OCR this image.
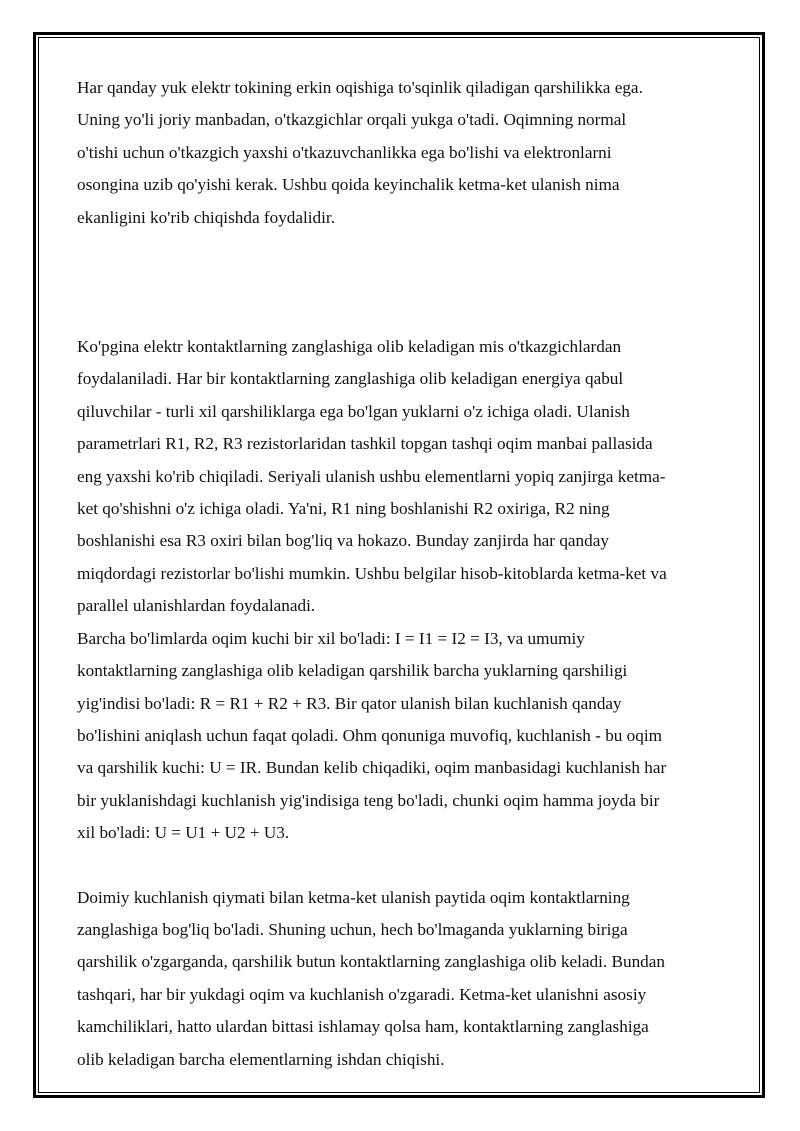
Har qanday yuk elektr tokining erkin oqishiga to'sqinlik qiladigan qarshilikka ega.
Uning yo'li joriy manbadan, o'tkazgichlar orqali yukga o'tadi. Oqimning normal
o'tishi uchun o'tkazgich yaxshi o'tkazuvchanlikka ega bo'lishi va elektronlarni
osongina uzib qo'yishi kerak. Ushbu qoida keyinchalik ketma-ket ulanish nima
ekanligini ko'rib chiqishda foydalidir.

Ko'pgina elektr kontaktlarning zanglashiga olib keladigan mis o'tkazgichlardan
foydalaniladi. Har bir kontaktlarning zanglashiga olib keladigan energiya qabul
qiluvchilar - turli xil qarshiliklarga ega bo'lgan yuklarni o'z ichiga oladi. Ulanish
parametrlari R1, R2, R3 rezistorlaridan tashkil topgan tashqi oqim manbai pallasida
eng yaxshi ko'rib chiqiladi. Seriyali ulanish ushbu elementlarni yopiq zanjirga ketma-
ket qo'shishni o'z ichiga oladi. Ya'ni, R1 ning boshlanishi R2 oxiriga, R2 ning
boshlanishi esa R3 oxiri bilan bog'liq va hokazo. Bunday zanjirda har qanday
miqdordagi rezistorlar bo'lishi mumkin. Ushbu belgilar hisob-kitoblarda ketma-ket va
parallel ulanishlardan foydalanadi.

Barcha bo'limlarda oqim kuchi bir xil bo'ladi: I = I1 = I2 = I3, va umumiy
kontaktlarning zanglashiga olib keladigan qarshilik barcha yuklarning qarshiligi
yig'indisi bo'ladi: R = R1 + R2 + R3. Bir qator ulanish bilan kuchlanish qanday
bo'lishini aniqlash uchun faqat qoladi. Ohm qonuniga muvofiq, kuchlanish - bu oqim
va qarshilik kuchi: U = IR. Bundan kelib chiqadiki, oqim manbasidagi kuchlanish har
bir yuklanishdagi kuchlanish yig'indisiga teng bo'ladi, chunki oqim hamma joyda bir
xil bo'ladi: U = U1 + U2 + U3.

Doimiy kuchlanish qiymati bilan ketma-ket ulanish paytida oqim kontaktlarning
zanglashiga bog'liq bo'ladi. Shuning uchun, hech bo'lmaganda yuklarning biriga
qarshilik o'zgarganda, qarshilik butun kontaktlarning zanglashiga olib keladi. Bundan
tashqari, har bir yukdagi oqim va kuchlanish o'zgaradi. Ketma-ket ulanishni asosiy
kamchiliklari, hatto ulardan bittasi ishlamay qolsa ham, kontaktlarning zanglashiga
olib keladigan barcha elementlarning ishdan chiqishi.
